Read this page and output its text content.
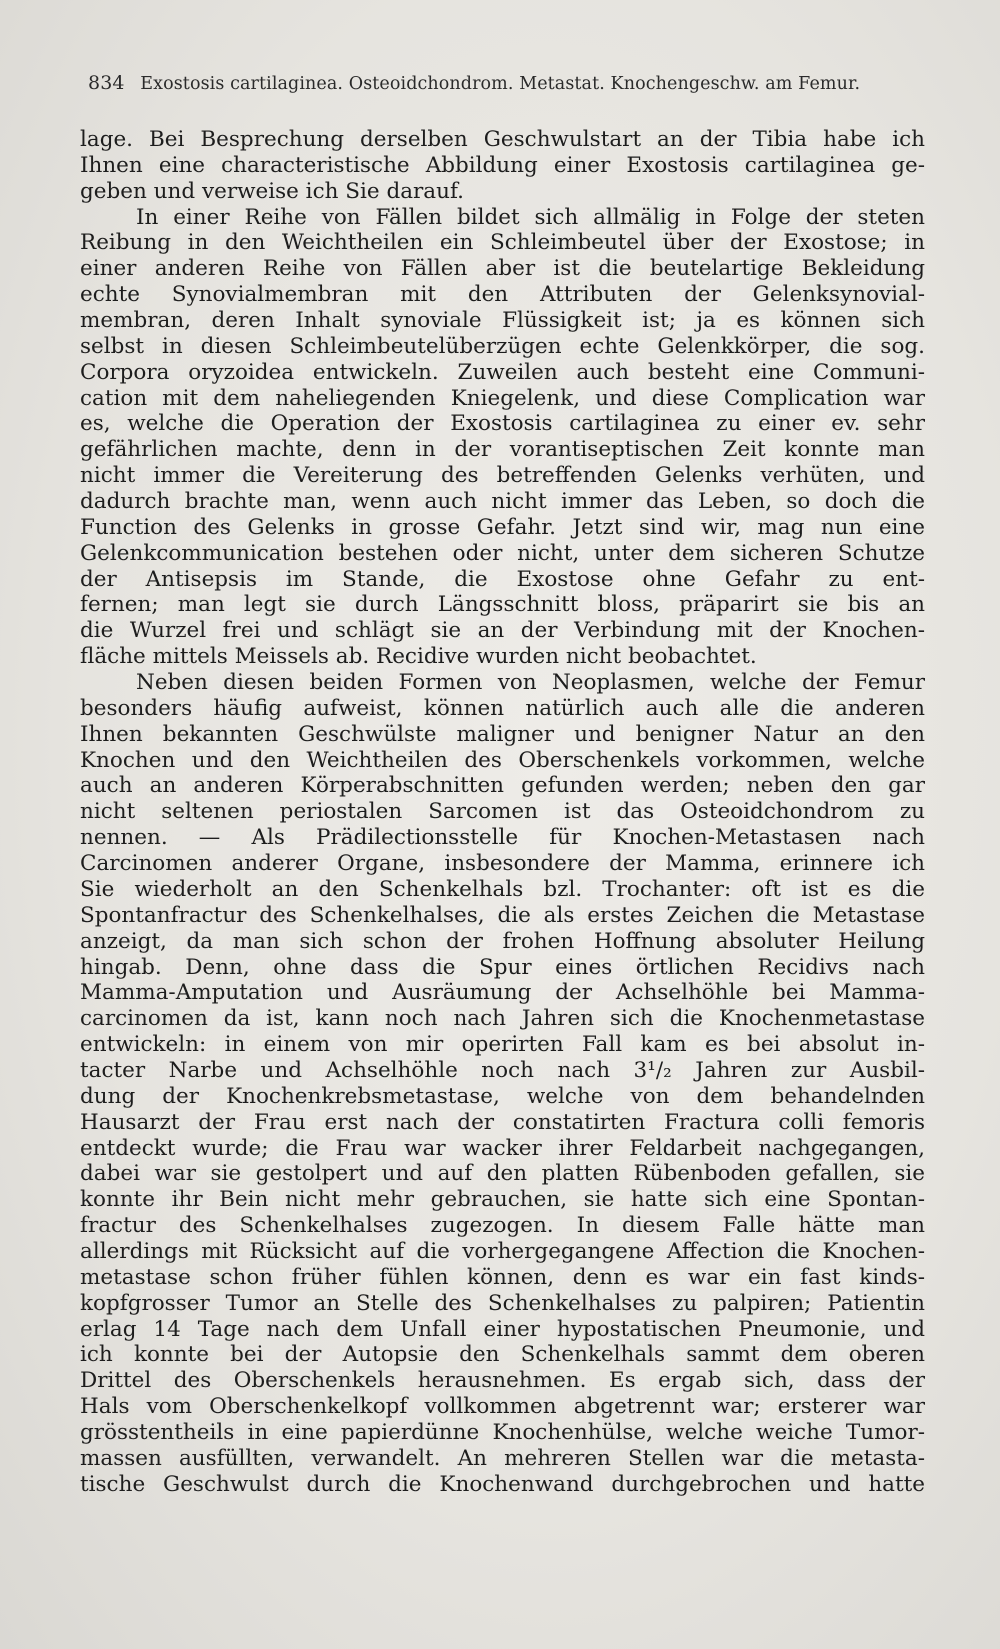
834 Exostosis cartilaginea. Osteoidchondrom. Metastat. Knochengeschw. am Femur.
lage. Bei Besprechung derselben Geschwulstart an der Tibia habe ich
Ihnen eine characteristische Abbildung einer Exostosis cartilaginea ge-
geben und verweise ich Sie darauf.
In einer Reihe von Fällen bildet sich allmälig in Folge der steten
Reibung in den Weichtheilen ein Schleimbeutel über der Exostose; in
einer anderen Reihe von Fällen aber ist die beutelartige Bekleidung
echte Synovialmembran mit den Attributen der Gelenksynovial-
membran, deren Inhalt synoviale Flüssigkeit ist; ja es können sich
selbst in diesen Schleimbeutelüberzügen echte Gelenkkörper, die sog.
Corpora oryzoidea entwickeln. Zuweilen auch besteht eine Communi-
cation mit dem naheliegenden Kniegelenk, und diese Complication war
es, welche die Operation der Exostosis cartilaginea zu einer ev. sehr
gefährlichen machte, denn in der vorantiseptischen Zeit konnte man
nicht immer die Vereiterung des betreffenden Gelenks verhüten, und
dadurch brachte man, wenn auch nicht immer das Leben, so doch die
Function des Gelenks in grosse Gefahr. Jetzt sind wir, mag nun eine
Gelenkcommunication bestehen oder nicht, unter dem sicheren Schutze
der Antisepsis im Stande, die Exostose ohne Gefahr zu ent-
fernen; man legt sie durch Längsschnitt bloss, präparirt sie bis an
die Wurzel frei und schlägt sie an der Verbindung mit der Knochen-
fläche mittels Meissels ab. Recidive wurden nicht beobachtet.
Neben diesen beiden Formen von Neoplasmen, welche der Femur
besonders häufig aufweist, können natürlich auch alle die anderen
Ihnen bekannten Geschwülste maligner und benigner Natur an den
Knochen und den Weichtheilen des Oberschenkels vorkommen, welche
auch an anderen Körperabschnitten gefunden werden; neben den gar
nicht seltenen periostalen Sarcomen ist das Osteoidchondrom zu
nennen. — Als Prädilectionsstelle für Knochen-Metastasen nach
Carcinomen anderer Organe, insbesondere der Mamma, erinnere ich
Sie wiederholt an den Schenkelhals bzl. Trochanter: oft ist es die
Spontanfractur des Schenkelhalses, die als erstes Zeichen die Metastase
anzeigt, da man sich schon der frohen Hoffnung absoluter Heilung
hingab. Denn, ohne dass die Spur eines örtlichen Recidivs nach
Mamma-Amputation und Ausräumung der Achselhöhle bei Mamma-
carcinomen da ist, kann noch nach Jahren sich die Knochenmetastase
entwickeln: in einem von mir operirten Fall kam es bei absolut in-
tacter Narbe und Achselhöhle noch nach 3¹/₂ Jahren zur Ausbil-
dung der Knochenkrebsmetastase, welche von dem behandelnden
Hausarzt der Frau erst nach der constatirten Fractura colli femoris
entdeckt wurde; die Frau war wacker ihrer Feldarbeit nachgegangen,
dabei war sie gestolpert und auf den platten Rübenboden gefallen, sie
konnte ihr Bein nicht mehr gebrauchen, sie hatte sich eine Spontan-
fractur des Schenkelhalses zugezogen. In diesem Falle hätte man
allerdings mit Rücksicht auf die vorhergegangene Affection die Knochen-
metastase schon früher fühlen können, denn es war ein fast kinds-
kopfgrosser Tumor an Stelle des Schenkelhalses zu palpiren; Patientin
erlag 14 Tage nach dem Unfall einer hypostatischen Pneumonie, und
ich konnte bei der Autopsie den Schenkelhals sammt dem oberen
Drittel des Oberschenkels herausnehmen. Es ergab sich, dass der
Hals vom Oberschenkelkopf vollkommen abgetrennt war; ersterer war
grösstentheils in eine papierdünne Knochenhülse, welche weiche Tumor-
massen ausfüllten, verwandelt. An mehreren Stellen war die metasta-
tische Geschwulst durch die Knochenwand durchgebrochen und hatte
